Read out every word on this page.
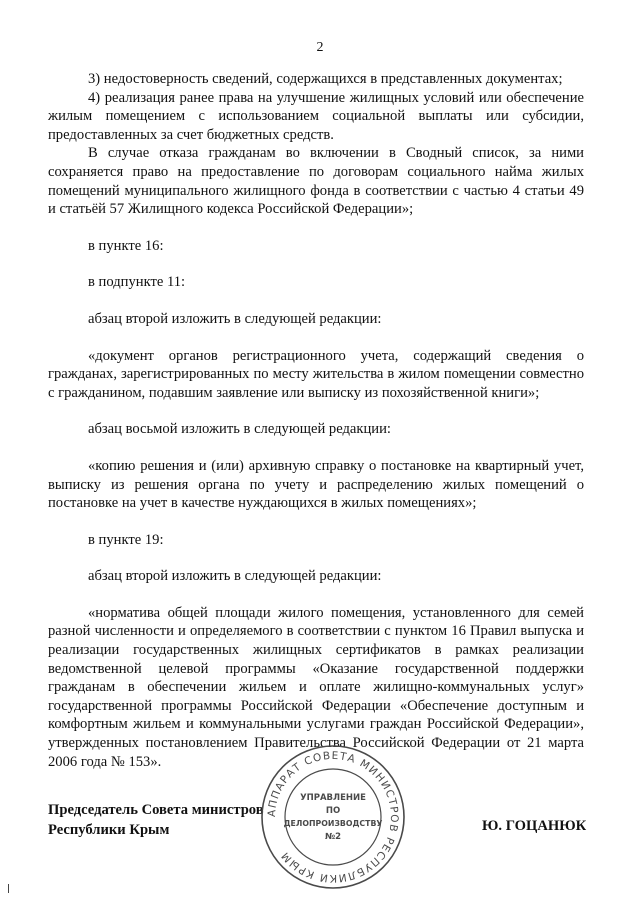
2

3) недостоверность сведений, содержащихся в представленных документах;

4) реализация ранее права на улучшение жилищных условий или обеспечение жилым помещением с использованием социальной выплаты или субсидии, предоставленных за счет бюджетных средств.

В случае отказа гражданам во включении в Сводный список, за ними сохраняется право на предоставление по договорам социального найма жилых помещений муниципального жилищного фонда в соответствии с частью 4 статьи 49 и статьёй 57 Жилищного кодекса Российской Федерации»;

в пункте 16:

в подпункте 11:

абзац второй изложить в следующей редакции:

«документ органов регистрационного учета, содержащий сведения о гражданах, зарегистрированных по месту жительства в жилом помещении совместно с гражданином, подавшим заявление или выписку из похозяйственной книги»;

абзац восьмой изложить в следующей редакции:

«копию решения и (или) архивную справку о постановке на квартирный учет, выписку из решения органа по учету и распределению жилых помещений о постановке на учет в качестве нуждающихся в жилых помещениях»;

в пункте 19:

абзац второй изложить в следующей редакции:

«норматива общей площади жилого помещения, установленного для семей разной численности и определяемого в соответствии с пунктом 16 Правил выпуска и реализации государственных жилищных сертификатов в рамках реализации ведомственной целевой программы «Оказание государственной поддержки гражданам в обеспечении жильем и оплате жилищно-коммунальных услуг» государственной программы Российской Федерации «Обеспечение доступным и комфортным жильем и коммунальными услугами граждан Российской Федерации», утвержденных постановлением Правительства Российской Федерации от 21 марта 2006 года № 153».

Председатель Совета министров
Республики Крым	Ю. ГОЦАНЮК
АППАРАТ СОВЕТА МИНИСТРОВ РЕСПУБЛИКИ КРЫМ
УПРАВЛЕНИЕ
ПО
ДЕЛОПРОИЗВОДСТВУ
№2
